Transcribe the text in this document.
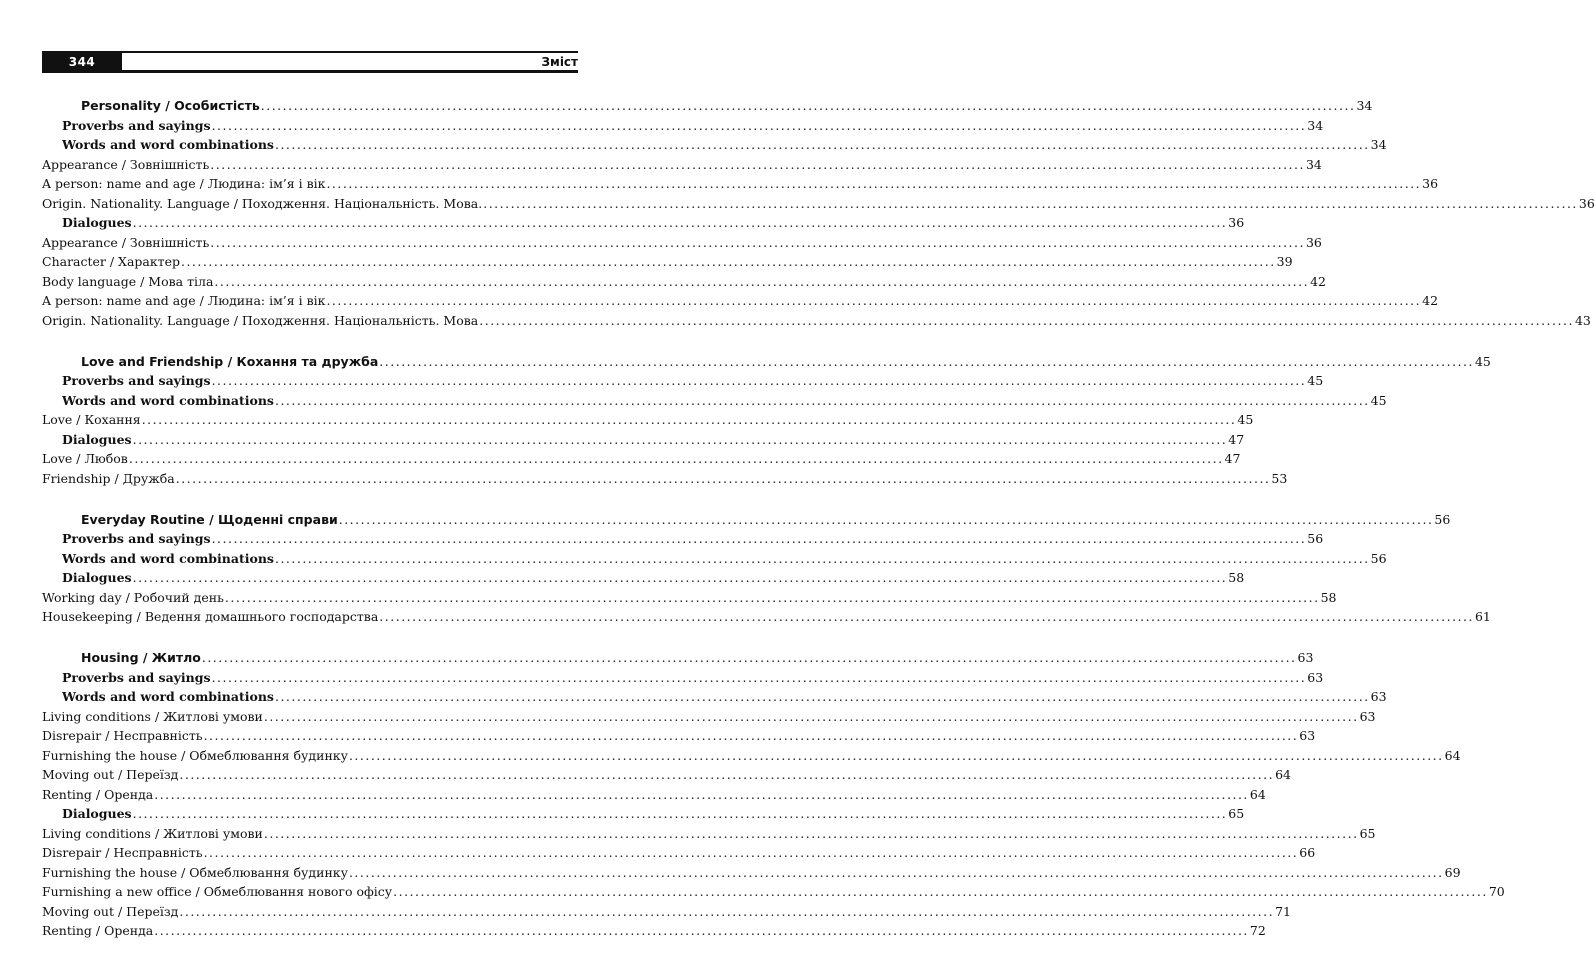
344	Зміст
Personality / Особистість ........................................................................................................................................................................................................ 34
Proverbs and sayings ........................................................................................................................................................................................................ 34
Words and word combinations ........................................................................................................................................................................................................ 34
Appearance / Зовнішність ........................................................................................................................................................................................................ 34
A person: name and age / Людина: ім’я і вік ........................................................................................................................................................................................................ 36
Origin. Nationality. Language / Походження. Національність. Мова. ........................................................................................................................................................................................................ 36
Dialogues ........................................................................................................................................................................................................ 36
Appearance / Зовнішність ........................................................................................................................................................................................................ 36
Character / Характер ........................................................................................................................................................................................................ 39
Body language / Мова тіла ........................................................................................................................................................................................................ 42
A person: name and age / Людина: ім’я і вік ........................................................................................................................................................................................................ 42
Origin. Nationality. Language / Походження. Національність. Мова ........................................................................................................................................................................................................ 43
Love and Friendship / Кохання та дружба ........................................................................................................................................................................................................ 45
Proverbs and sayings ........................................................................................................................................................................................................ 45
Words and word combinations ........................................................................................................................................................................................................ 45
Love / Кохання ........................................................................................................................................................................................................ 45
Dialogues ........................................................................................................................................................................................................ 47
Love / Любов ........................................................................................................................................................................................................ 47
Friendship / Дружба ........................................................................................................................................................................................................ 53
Everyday Routine / Щоденні справи ........................................................................................................................................................................................................ 56
Proverbs and sayings ........................................................................................................................................................................................................ 56
Words and word combinations ........................................................................................................................................................................................................ 56
Dialogues ........................................................................................................................................................................................................ 58
Working day / Робочий день ........................................................................................................................................................................................................ 58
Housekeeping / Ведення домашнього господарства ........................................................................................................................................................................................................ 61
Housing / Житло ........................................................................................................................................................................................................ 63
Proverbs and sayings ........................................................................................................................................................................................................ 63
Words and word combinations ........................................................................................................................................................................................................ 63
Living conditions / Житлові умови ........................................................................................................................................................................................................ 63
Disrepair / Несправність ........................................................................................................................................................................................................ 63
Furnishing the house / Обмеблювання будинку ........................................................................................................................................................................................................ 64
Moving out / Переїзд ........................................................................................................................................................................................................ 64
Renting / Оренда ........................................................................................................................................................................................................ 64
Dialogues ........................................................................................................................................................................................................ 65
Living conditions / Житлові умови ........................................................................................................................................................................................................ 65
Disrepair / Несправність ........................................................................................................................................................................................................ 66
Furnishing the house / Обмеблювання будинку ........................................................................................................................................................................................................ 69
Furnishing a new office / Обмеблювання нового офісу ........................................................................................................................................................................................................ 70
Moving out / Переїзд ........................................................................................................................................................................................................ 71
Renting / Оренда ........................................................................................................................................................................................................ 72
